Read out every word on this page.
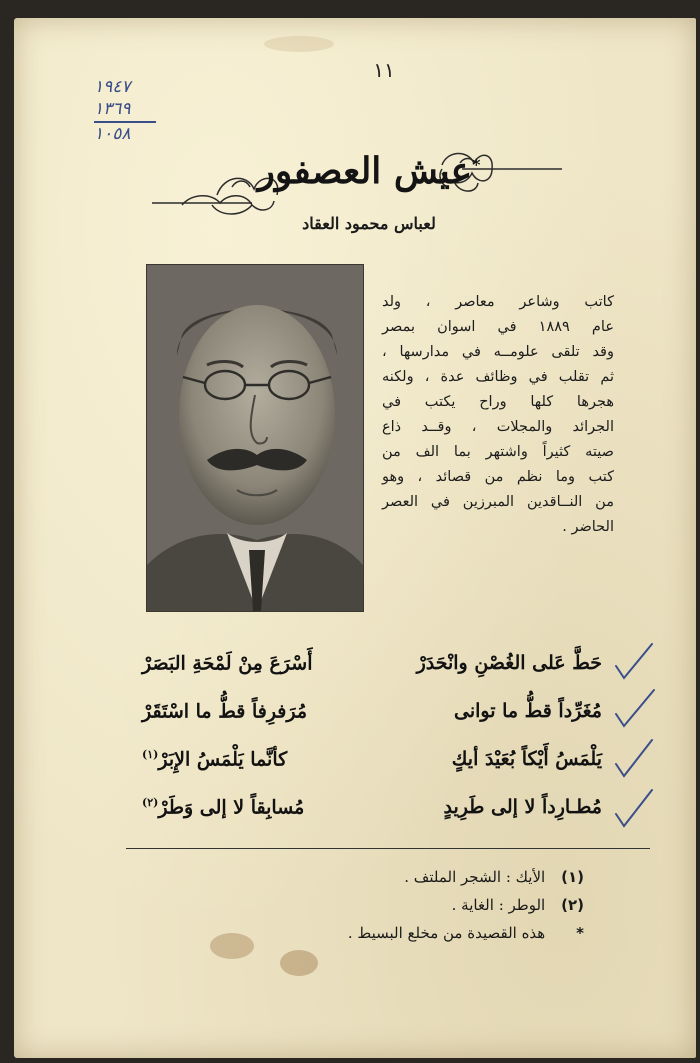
١١
١٩٤٧
١٣٦٩
١٠٥٨
عيش العصفور*
لعباس محمود العقاد
كاتب وشاعر معاصر ، ولد
عام ١٨٨٩ في اسوان بمصر
وقد تلقى علومــه في مدارسها ،
ثم تقلب في وظائف عدة ، ولكنه
هجرها كلها وراح يكتب في
الجرائد والمجلات ، وقــد ذاع
صيته كثيراً واشتهر بما الف من
كتب وما نظم من قصائد ، وهو
من النــاقدين المبرزين في العصر
الحاضر .
حَطَّ عَلى الغُصْنِ وانْحَدَرْ
أَسْرَعَ مِنْ لَمْحَةِ البَصَرْ
مُغَرِّداً قطُّ ما توانى
مُرَفرِفاً قطُّ ما اسْتَقَرْ
يَلْمَسُ أَيْكاً بُعَيْدَ أيكٍ
كأنَّما يَلْمَسُ الإِبَرْ$^{(١)}$
مُطـارِداً لا إلى طَرِيدٍ
مُسابِقاً لا إلى وَطَرْ$^{(٢)}$
(١) الأيك : الشجر الملتف .
(٢) الوطر : الغاية .
* هذه القصيدة من مخلع البسيط .
